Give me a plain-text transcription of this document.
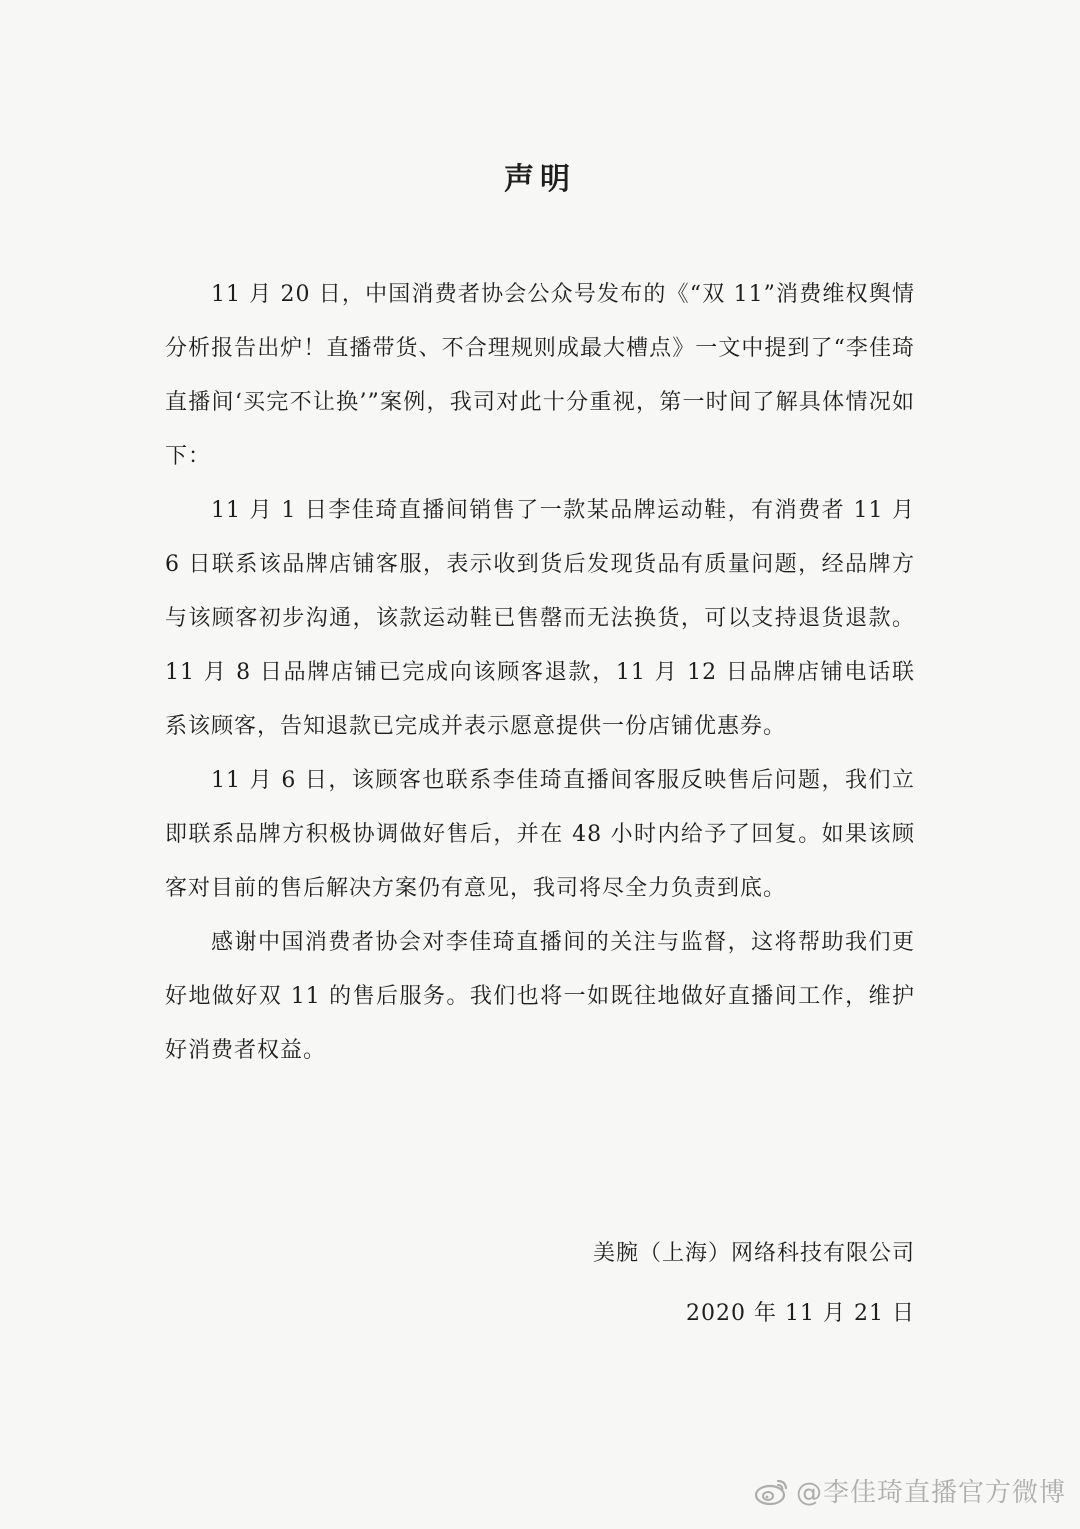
声明

11 月 20 日，中国消费者协会公众号发布的《“双 11”消费维权舆情分析报告出炉！直播带货、不合理规则成最大槽点》一文中提到了“李佳琦直播间‘买完不让换’”案例，我司对此十分重视，第一时间了解具体情况如下：

11 月 1 日李佳琦直播间销售了一款某品牌运动鞋，有消费者 11 月 6 日联系该品牌店铺客服，表示收到货后发现货品有质量问题，经品牌方与该顾客初步沟通，该款运动鞋已售罄而无法换货，可以支持退货退款。11 月 8 日品牌店铺已完成向该顾客退款，11 月 12 日品牌店铺电话联系该顾客，告知退款已完成并表示愿意提供一份店铺优惠券。

11 月 6 日，该顾客也联系李佳琦直播间客服反映售后问题，我们立即联系品牌方积极协调做好售后，并在 48 小时内给予了回复。如果该顾客对目前的售后解决方案仍有意见，我司将尽全力负责到底。

感谢中国消费者协会对李佳琦直播间的关注与监督，这将帮助我们更好地做好双 11 的售后服务。我们也将一如既往地做好直播间工作，维护好消费者权益。

美腕（上海）网络科技有限公司
2020 年 11 月 21 日
@李佳琦直播官方微博
